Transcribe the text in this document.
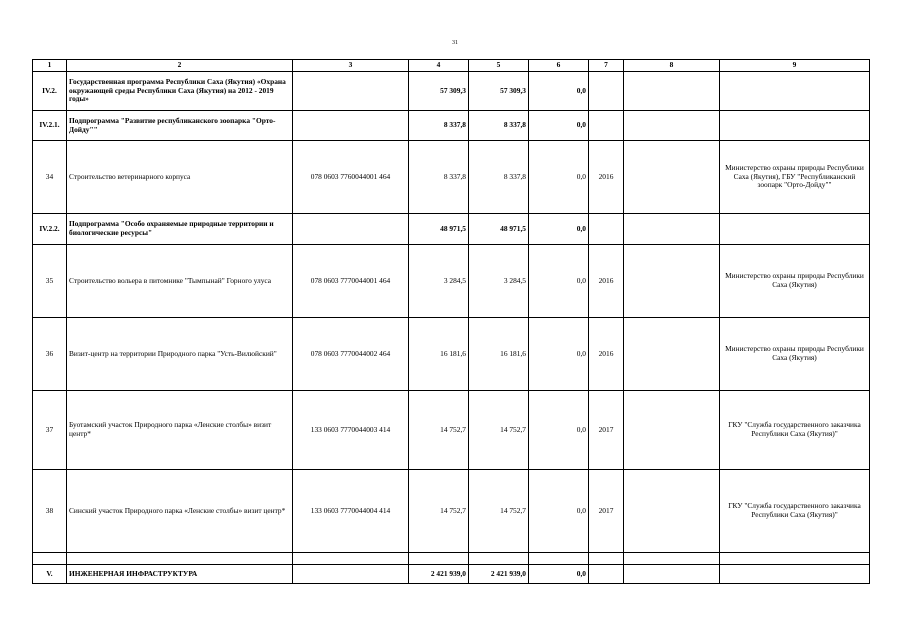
31
1	2	3	4	5	6	7	8	9
IV.2.	Государственная программа Республики Саха (Якутия) «Охрана окружающей среды Республики Саха (Якутия) на 2012 - 2019 годы»		57 309,3	57 309,3	0,0			
IV.2.1.	Подпрограмма "Развитие республиканского зоопарка "Орто-Дойду""		8 337,8	8 337,8	0,0			
34	Строительство ветеринарного корпуса	078 0603 7760044001 464	8 337,8	8 337,8	0,0	2016		Министерство охраны природы Республики Саха (Якутия), ГБУ "Республиканский зоопарк "Орто-Дойду""
IV.2.2.	Подпрограмма "Особо охраняемые природные территории и биологические ресурсы"		48 971,5	48 971,5	0,0			
35	Строительство вольера в питомнике "Тымпынай" Горного улуса	078 0603 7770044001 464	3 284,5	3 284,5	0,0	2016		Министерство охраны природы Республики Саха (Якутия)
36	Визит-центр на территории Природного парка "Усть-Вилюйский"	078 0603 7770044002 464	16 181,6	16 181,6	0,0	2016		Министерство охраны природы Республики Саха (Якутия)
37	Буотамский участок Природного парка «Ленские столбы» визит центр*	133 0603 7770044003 414	14 752,7	14 752,7	0,0	2017		ГКУ "Служба государственного заказчика Республики Саха (Якутия)"
38	Синский участок Природного парка «Ленские столбы» визит центр*	133 0603 7770044004 414	14 752,7	14 752,7	0,0	2017		ГКУ "Служба государственного заказчика Республики Саха (Якутия)"

V.	ИНЖЕНЕРНАЯ ИНФРАСТРУКТУРА		2 421 939,0	2 421 939,0	0,0			
